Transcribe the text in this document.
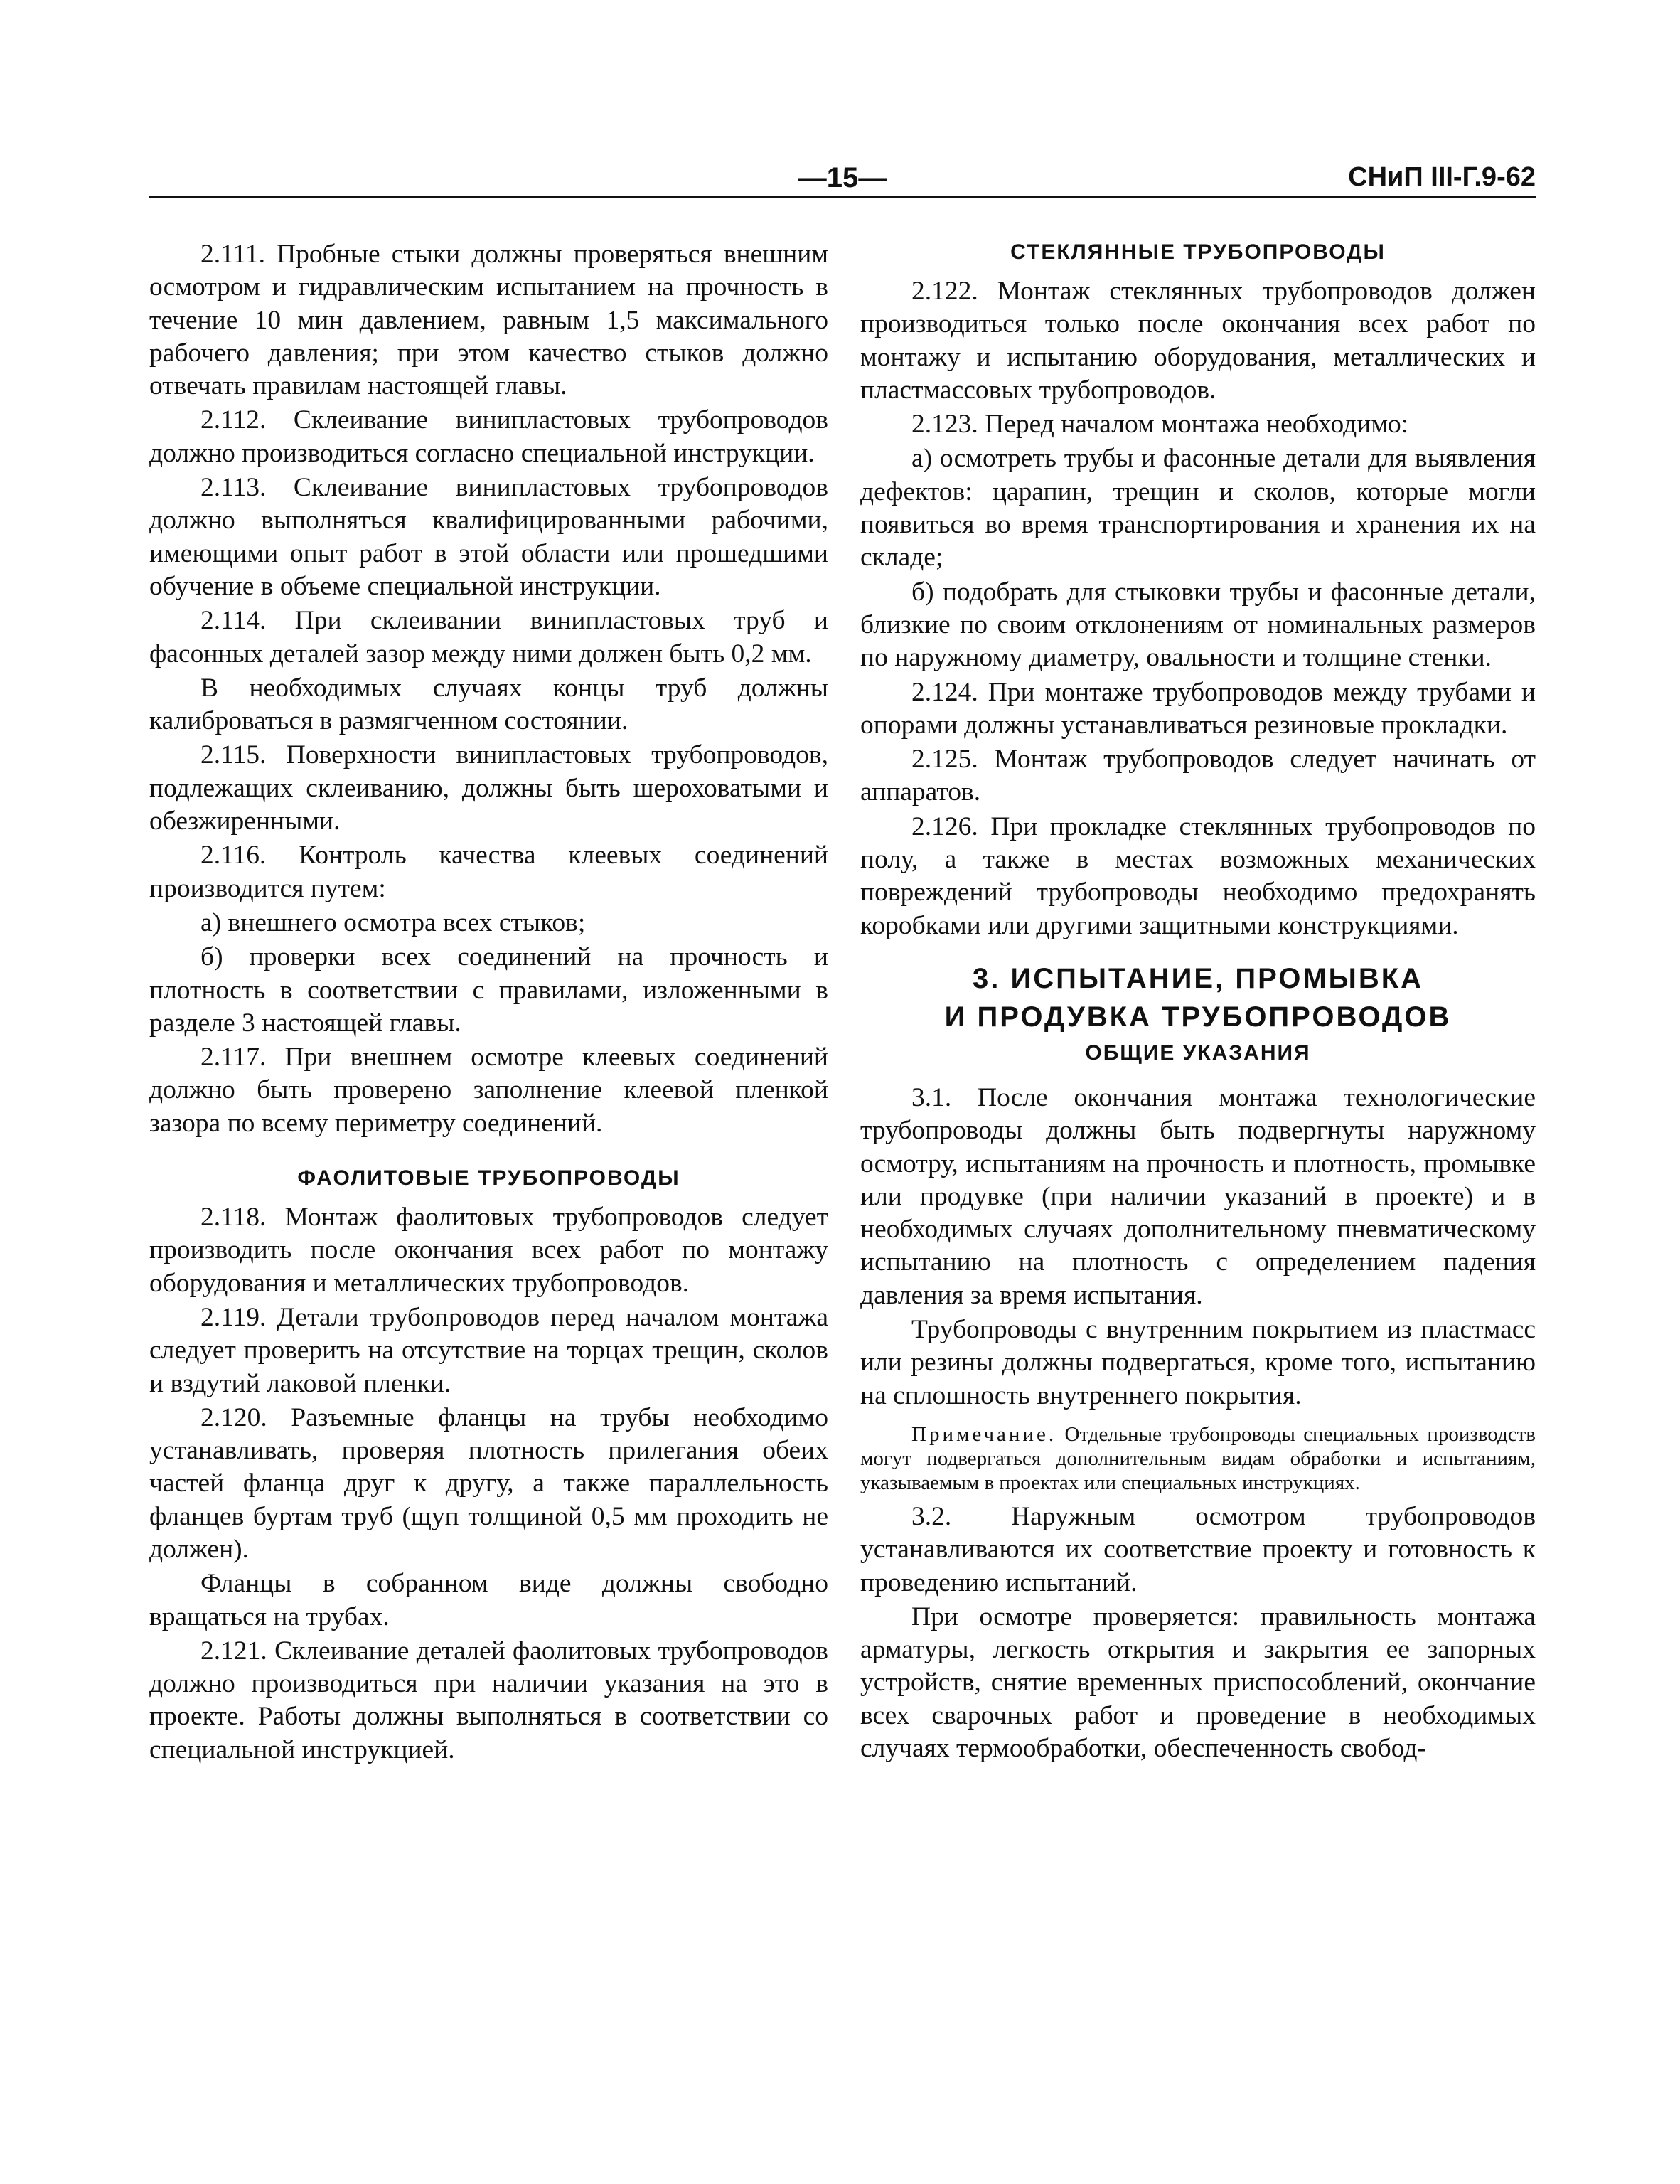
—15—	СНиП III-Г.9-62

2.111. Пробные стыки должны проверяться внешним осмотром и гидравлическим испытанием на прочность в течение 10 мин давлением, равным 1,5 максимального рабочего давления; при этом качество стыков должно отвечать правилам настоящей главы.

2.112. Склеивание винипластовых трубопроводов должно производиться согласно специальной инструкции.

2.113. Склеивание винипластовых трубопроводов должно выполняться квалифицированными рабочими, имеющими опыт работ в этой области или прошедшими обучение в объеме специальной инструкции.

2.114. При склеивании винипластовых труб и фасонных деталей зазор между ними должен быть 0,2 мм.

В необходимых случаях концы труб должны калиброваться в размягченном состоянии.

2.115. Поверхности винипластовых трубопроводов, подлежащих склеиванию, должны быть шероховатыми и обезжиренными.

2.116. Контроль качества клеевых соединений производится путем:

а) внешнего осмотра всех стыков;

б) проверки всех соединений на прочность и плотность в соответствии с правилами, изложенными в разделе 3 настоящей главы.

2.117. При внешнем осмотре клеевых соединений должно быть проверено заполнение клеевой пленкой зазора по всему периметру соединений.

ФАОЛИТОВЫЕ ТРУБОПРОВОДЫ

2.118. Монтаж фаолитовых трубопроводов следует производить после окончания всех работ по монтажу оборудования и металлических трубопроводов.

2.119. Детали трубопроводов перед началом монтажа следует проверить на отсутствие на торцах трещин, сколов и вздутий лаковой пленки.

2.120. Разъемные фланцы на трубы необходимо устанавливать, проверяя плотность прилегания обеих частей фланца друг к другу, а также параллельность фланцев буртам труб (щуп толщиной 0,5 мм проходить не должен).

Фланцы в собранном виде должны свободно вращаться на трубах.

2.121. Склеивание деталей фаолитовых трубопроводов должно производиться при наличии указания на это в проекте. Работы должны выполняться в соответствии со специальной инструкцией.

СТЕКЛЯННЫЕ ТРУБОПРОВОДЫ

2.122. Монтаж стеклянных трубопроводов должен производиться только после окончания всех работ по монтажу и испытанию оборудования, металлических и пластмассовых трубопроводов.

2.123. Перед началом монтажа необходимо:

а) осмотреть трубы и фасонные детали для выявления дефектов: царапин, трещин и сколов, которые могли появиться во время транспортирования и хранения их на складе;

б) подобрать для стыковки трубы и фасонные детали, близкие по своим отклонениям от номинальных размеров по наружному диаметру, овальности и толщине стенки.

2.124. При монтаже трубопроводов между трубами и опорами должны устанавливаться резиновые прокладки.

2.125. Монтаж трубопроводов следует начинать от аппаратов.

2.126. При прокладке стеклянных трубопроводов по полу, а также в местах возможных механических повреждений трубопроводы необходимо предохранять коробками или другими защитными конструкциями.

3. ИСПЫТАНИЕ, ПРОМЫВКА
И ПРОДУВКА ТРУБОПРОВОДОВ
ОБЩИЕ УКАЗАНИЯ

3.1. После окончания монтажа технологические трубопроводы должны быть подвергнуты наружному осмотру, испытаниям на прочность и плотность, промывке или продувке (при наличии указаний в проекте) и в необходимых случаях дополнительному пневматическому испытанию на плотность с определением падения давления за время испытания.

Трубопроводы с внутренним покрытием из пластмасс или резины должны подвергаться, кроме того, испытанию на сплошность внутреннего покрытия.

Примечание. Отдельные трубопроводы специальных производств могут подвергаться дополнительным видам обработки и испытаниям, указываемым в проектах или специальных инструкциях.

3.2. Наружным осмотром трубопроводов устанавливаются их соответствие проекту и готовность к проведению испытаний.

При осмотре проверяется: правильность монтажа арматуры, легкость открытия и закрытия ее запорных устройств, снятие временных приспособлений, окончание всех сварочных работ и проведение в необходимых случаях термообработки, обеспеченность свобод-
